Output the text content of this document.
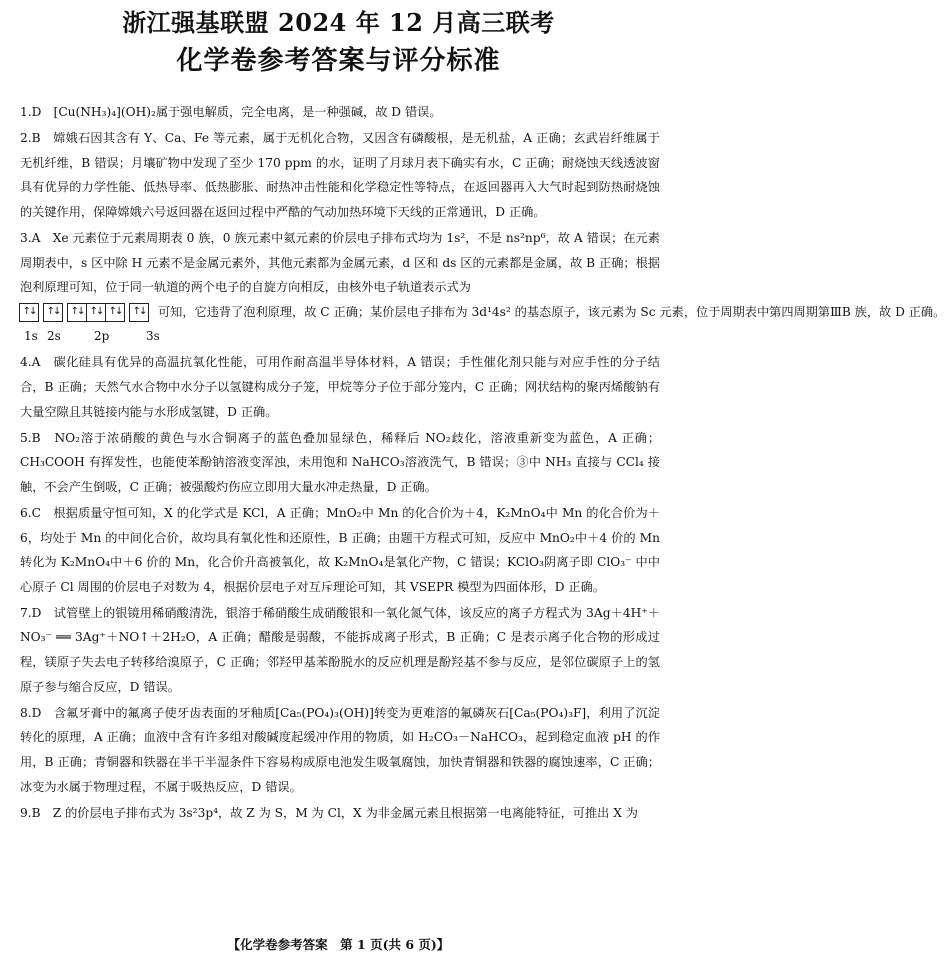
浙江强基联盟 2024 年 12 月高三联考
化学卷参考答案与评分标准

1.D　[Cu(NH₃)₄](OH)₂属于强电解质，完全电离，是一种强碱，故 D 错误。

2.B　嫦娥石因其含有 Y、Ca、Fe 等元素，属于无机化合物，又因含有磷酸根，是无机盐，A 正确；玄武岩纤维属于无机纤维，B 错误；月壤矿物中发现了至少 170 ppm 的水，证明了月球月表下确实有水，C 正确；耐烧蚀天线透波窗具有优异的力学性能、低热导率、低热膨胀、耐热冲击性能和化学稳定性等特点，在返回器再入大气时起到防热耐烧蚀的关键作用，保障嫦娥六号返回器在返回过程中严酷的气动加热环境下天线的正常通讯，D 正确。

3.A　Xe 元素位于元素周期表 0 族，0 族元素中氦元素的价层电子排布式均为 1s²，不是 ns²np⁶，故 A 错误；在元素周期表中，s 区中除 H 元素不是金属元素外，其他元素都为金属元素，d 区和 ds 区的元素都是金属，故 B 正确；根据泡利原理可知，位于同一轨道的两个电子的自旋方向相反，由核外电子轨道表示式为
↑↓	↑↓	↑↓ ↑↓ ↑↓	↑↓ 可知，它违背了泡利原理，故 C 正确；某价层电子排布为 3d¹4s² 的基态原子，该元素为 Sc 元素，位于周期表中第四周期第ⅢB 族，故 D 正确。
1s 2s	2p	3s

4.A　碳化硅具有优异的高温抗氧化性能，可用作耐高温半导体材料，A 错误；手性催化剂只能与对应手性的分子结合，B 正确；天然气水合物中水分子以氢键构成分子笼，甲烷等分子位于部分笼内，C 正确；网状结构的聚丙烯酸钠有大量空隙且其链接内能与水形成氢键，D 正确。

5.B　NO₂溶于浓硝酸的黄色与水合铜离子的蓝色叠加显绿色，稀释后 NO₂歧化，溶液重新变为蓝色，A 正确；CH₃COOH 有挥发性，也能使苯酚钠溶液变浑浊，未用饱和 NaHCO₃溶液洗气，B 错误；③中 NH₃ 直接与 CCl₄ 接触，不会产生倒吸，C 正确；被强酸灼伤应立即用大量水冲走热量，D 正确。

6.C　根据质量守恒可知，X 的化学式是 KCl，A 正确；MnO₂中 Mn 的化合价为＋4，K₂MnO₄中 Mn 的化合价为＋6，均处于 Mn 的中间化合价，故均具有氧化性和还原性，B 正确；由题干方程式可知，反应中 MnO₂中＋4 价的 Mn 转化为 K₂MnO₄中＋6 价的 Mn，化合价升高被氧化，故 K₂MnO₄是氧化产物，C 错误；KClO₃阴离子即 ClO₃⁻ 中中心原子 Cl 周围的价层电子对数为 4，根据价层电子对互斥理论可知，其 VSEPR 模型为四面体形，D 正确。

7.D　试管壁上的银镜用稀硝酸清洗，银溶于稀硝酸生成硝酸银和一氧化氮气体，该反应的离子方程式为 3Ag＋4H⁺＋NO₃⁻ ══ 3Ag⁺＋NO↑＋2H₂O，A 正确；醋酸是弱酸，不能拆成离子形式，B 正确；C 是表示离子化合物的形成过程，镁原子失去电子转移给溴原子，C 正确；邻羟甲基苯酚脱水的反应机理是酚羟基不参与反应，是邻位碳原子上的氢原子参与缩合反应，D 错误。

8.D　含氟牙膏中的氟离子使牙齿表面的牙釉质[Ca₅(PO₄)₃(OH)]转变为更难溶的氟磷灰石[Ca₅(PO₄)₃F]，利用了沉淀转化的原理，A 正确；血液中含有许多组对酸碱度起缓冲作用的物质，如 H₂CO₃－NaHCO₃，起到稳定血液 pH 的作用，B 正确；青铜器和铁器在半干半湿条件下容易构成原电池发生吸氧腐蚀，加快青铜器和铁器的腐蚀速率，C 正确；冰变为水属于物理过程，不属于吸热反应，D 错误。

9.B　Z 的价层电子排布式为 3s²3p⁴，故 Z 为 S，M 为 Cl，X 为非金属元素且根据第一电离能特征，可推出 X 为

【化学卷参考答案　第 1 页(共 6 页)】
